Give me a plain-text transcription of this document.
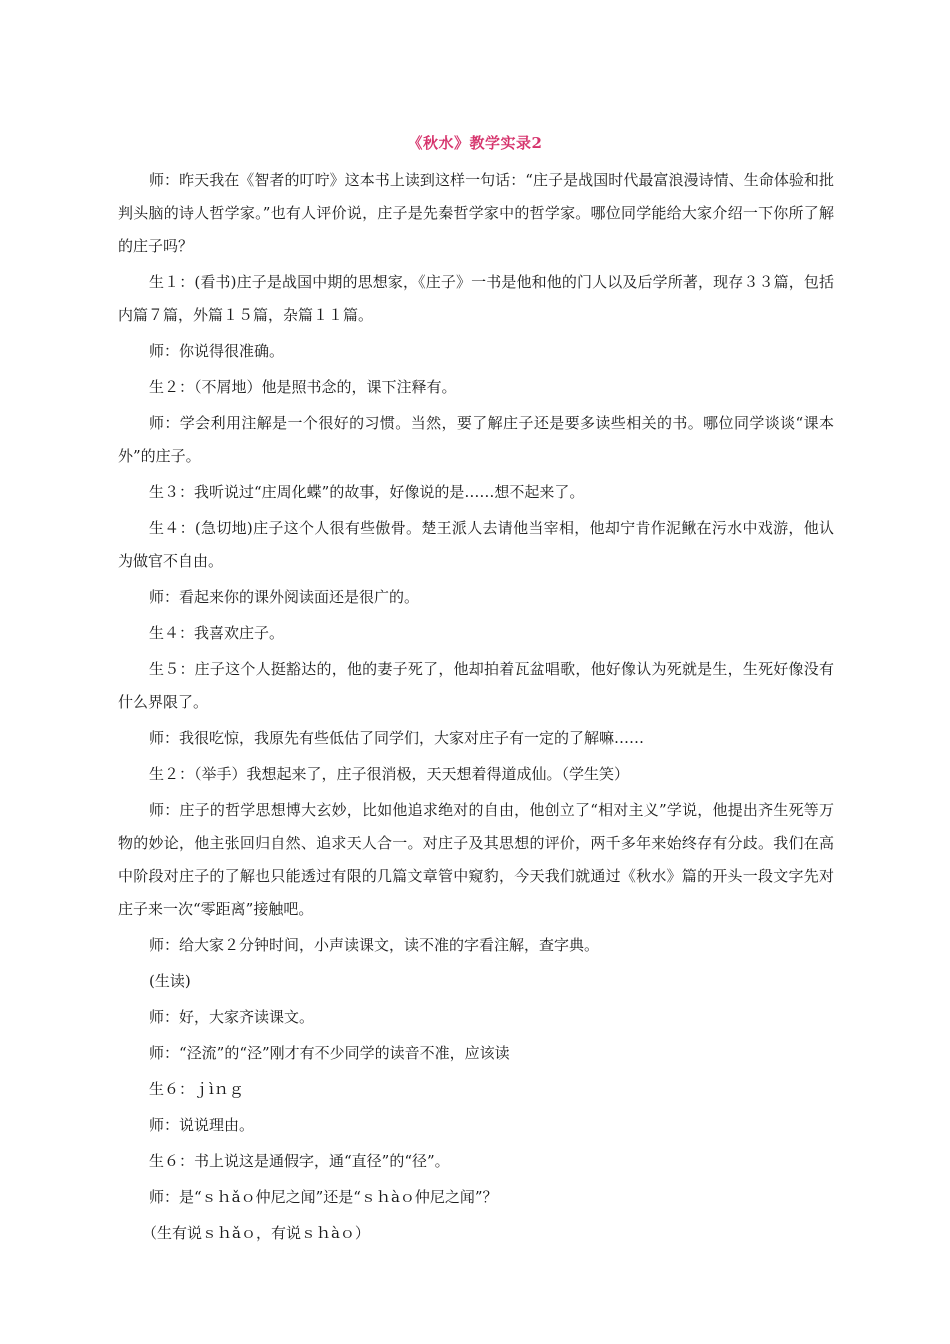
《秋水》教学实录2

师：昨天我在《智者的叮咛》这本书上读到这样一句话：“庄子是战国时代最富浪漫诗情、生命体验和批判头脑的诗人哲学家。”也有人评价说，庄子是先秦哲学家中的哲学家。哪位同学能给大家介绍一下你所了解的庄子吗？

生１：(看书)庄子是战国中期的思想家，《庄子》一书是他和他的门人以及后学所著，现存３３篇，包括内篇７篇，外篇１５篇，杂篇１１篇。

师：你说得很准确。

生２：（不屑地）他是照书念的，课下注释有。

师：学会利用注解是一个很好的习惯。当然，要了解庄子还是要多读些相关的书。哪位同学谈谈“课本外”的庄子。

生３：我听说过“庄周化蝶”的故事，好像说的是……想不起来了。

生４：(急切地)庄子这个人很有些傲骨。楚王派人去请他当宰相，他却宁肯作泥鳅在污水中戏游，他认为做官不自由。

师：看起来你的课外阅读面还是很广的。

生４：我喜欢庄子。

生５：庄子这个人挺豁达的，他的妻子死了，他却拍着瓦盆唱歌，他好像认为死就是生，生死好像没有什么界限了。

师：我很吃惊，我原先有些低估了同学们，大家对庄子有一定的了解嘛……

生２：（举手）我想起来了，庄子很消极，天天想着得道成仙。（学生笑）

师：庄子的哲学思想博大玄妙，比如他追求绝对的自由，他创立了“相对主义”学说，他提出齐生死等万物的妙论，他主张回归自然、追求天人合一。对庄子及其思想的评价，两千多年来始终存有分歧。我们在高中阶段对庄子的了解也只能透过有限的几篇文章管中窥豹，今天我们就通过《秋水》篇的开头一段文字先对庄子来一次“零距离”接触吧。

师：给大家２分钟时间，小声读课文，读不准的字看注解，查字典。

(生读)

师：好，大家齐读课文。

师：“泾流”的“泾”刚才有不少同学的读音不准，应该读

生６：ｊìｎｇ

师：说说理由。

生６：书上说这是通假字，通“直径”的“径”。

师：是“ｓｈǎｏ仲尼之闻”还是“ｓｈàｏ仲尼之闻”？

（生有说ｓｈǎｏ，有说ｓｈàｏ）
